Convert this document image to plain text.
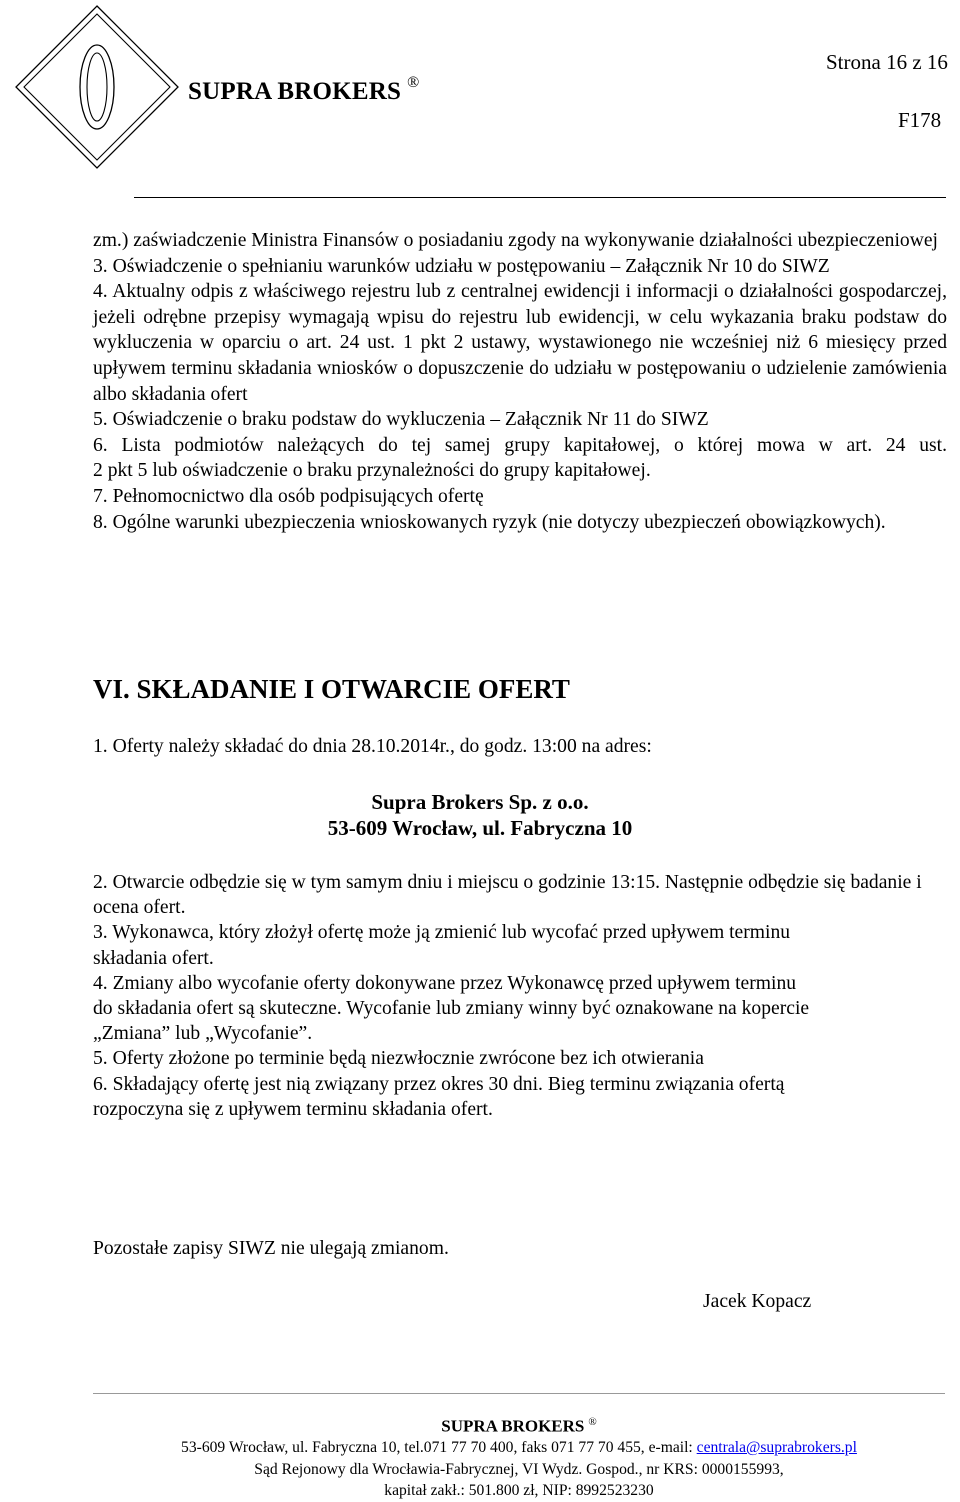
SUPRA BROKERS ®
Strona 16 z 16
F178

zm.) zaświadczenie Ministra Finansów o posiadaniu zgody na wykonywanie działalności ubezpieczeniowej

3. Oświadczenie o spełnianiu warunków udziału w postępowaniu – Załącznik Nr 10 do SIWZ

4. Aktualny odpis z właściwego rejestru lub z centralnej ewidencji i informacji o działalności gospodarczej, jeżeli odrębne przepisy wymagają wpisu do rejestru lub ewidencji, w celu wykazania braku podstaw do wykluczenia w oparciu o art. 24 ust. 1 pkt 2 ustawy, wystawionego nie wcześniej niż 6 miesięcy przed upływem terminu składania wniosków o dopuszczenie do udziału w postępowaniu o udzielenie zamówienia albo składania ofert

5. Oświadczenie o braku podstaw do wykluczenia – Załącznik Nr 11 do SIWZ

6. Lista podmiotów należących do tej samej grupy kapitałowej, o której mowa w art. 24 ust.

2 pkt 5 lub oświadczenie o braku przynależności do grupy kapitałowej.

7. Pełnomocnictwo dla osób podpisujących ofertę

8. Ogólne warunki ubezpieczenia wnioskowanych ryzyk (nie dotyczy ubezpieczeń obowiązkowych).

VI. SKŁADANIE I OTWARCIE OFERT

1. Oferty należy składać do dnia 28.10.2014r., do godz. 13:00 na adres:

Supra Brokers Sp. z o.o.
53-609 Wrocław, ul. Fabryczna 10

2. Otwarcie odbędzie się w tym samym dniu i miejscu o godzinie 13:15. Następnie odbędzie się badanie i ocena ofert.

3. Wykonawca, który złożył ofertę może ją zmienić lub wycofać przed upływem terminu

składania ofert.

4. Zmiany albo wycofanie oferty dokonywane przez Wykonawcę przed upływem terminu

do składania ofert są skuteczne. Wycofanie lub zmiany winny być oznakowane na kopercie

„Zmiana” lub „Wycofanie”.

5. Oferty złożone po terminie będą niezwłocznie zwrócone bez ich otwierania

6. Składający ofertę jest nią związany przez okres 30 dni. Bieg terminu związania ofertą

rozpoczyna się z upływem terminu składania ofert.

Pozostałe zapisy SIWZ nie ulegają zmianom.
Jacek Kopacz
SUPRA BROKERS ®
53-609 Wrocław, ul. Fabryczna 10, tel.071 77 70 400, faks 071 77 70 455, e-mail: centrala@suprabrokers.pl
Sąd Rejonowy dla Wrocławia-Fabrycznej, VI Wydz. Gospod., nr KRS: 0000155993,
kapitał zakł.: 501.800 zł, NIP: 8992523230
